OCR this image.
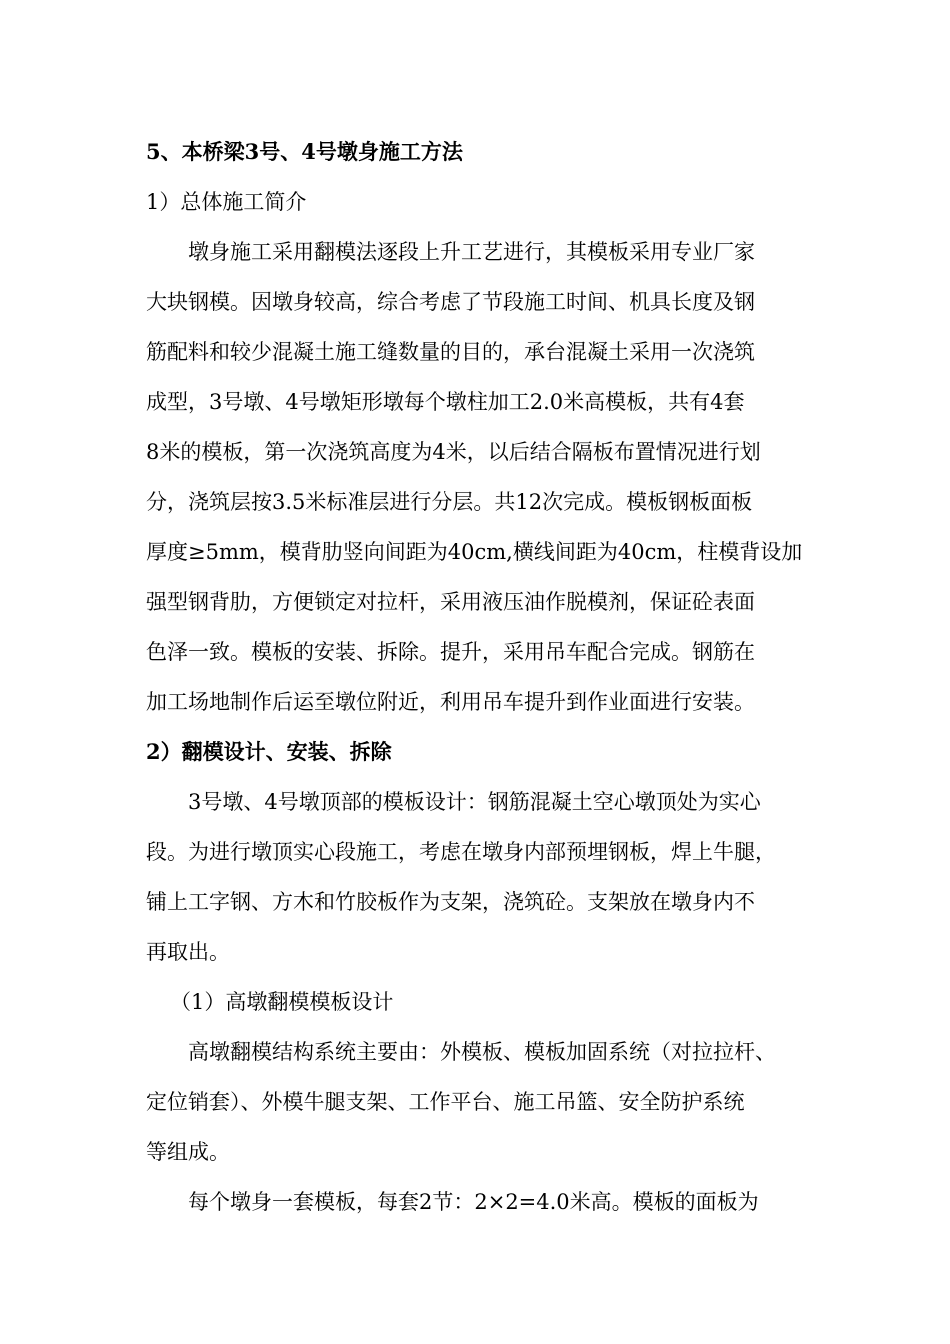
5、本桥梁3号、4号墩身施工方法
1）总体施工简介
墩身施工采用翻模法逐段上升工艺进行，其模板采用专业厂家
大块钢模。因墩身较高，综合考虑了节段施工时间、机具长度及钢
筋配料和较少混凝土施工缝数量的目的，承台混凝土采用一次浇筑
成型，3号墩、4号墩矩形墩每个墩柱加工2.0米高模板，共有4套
8米的模板，第一次浇筑高度为4米，以后结合隔板布置情况进行划
分，浇筑层按3.5米标准层进行分层。共12次完成。模板钢板面板
厚度≥5mm，模背肋竖向间距为40cm,横线间距为40cm，柱模背设加
强型钢背肋，方便锁定对拉杆，采用液压油作脱模剂，保证砼表面
色泽一致。模板的安装、拆除。提升，采用吊车配合完成。钢筋在
加工场地制作后运至墩位附近，利用吊车提升到作业面进行安装。
2）翻模设计、安装、拆除
3号墩、4号墩顶部的模板设计：钢筋混凝土空心墩顶处为实心
段。为进行墩顶实心段施工，考虑在墩身内部预埋钢板，焊上牛腿，
铺上工字钢、方木和竹胶板作为支架，浇筑砼。支架放在墩身内不
再取出。
（1）高墩翻模模板设计
高墩翻模结构系统主要由：外模板、模板加固系统（对拉拉杆、
定位销套）、外模牛腿支架、工作平台、施工吊篮、安全防护系统
等组成。
每个墩身一套模板，每套2节：2×2=4.0米高。模板的面板为
